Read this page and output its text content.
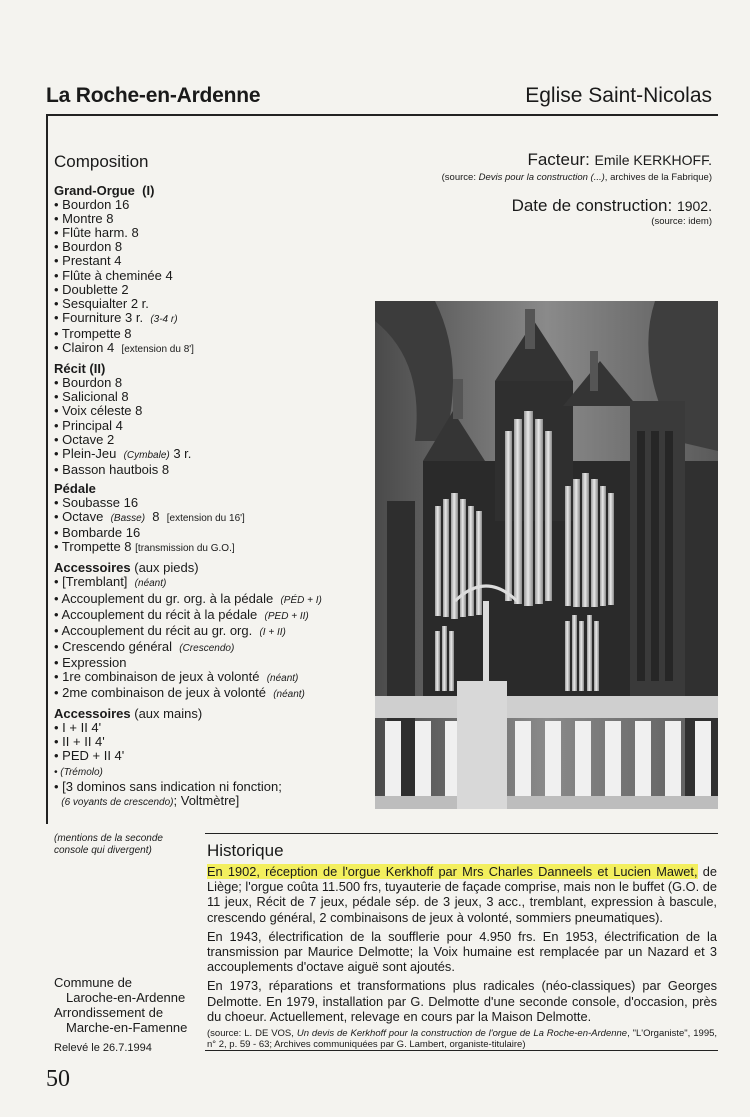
La Roche-en-Ardenne	Eglise Saint-Nicolas
Composition
Grand-Orgue (I)
• Bourdon 16
• Montre 8
• Flûte harm. 8
• Bourdon 8
• Prestant 4
• Flûte à cheminée 4
• Doublette 2
• Sesquialter 2 r.
• Fourniture 3 r. (3-4 r)
• Trompette 8
• Clairon 4 [extension du 8']
Récit (II)
• Bourdon 8
• Salicional 8
• Voix céleste 8
• Principal 4
• Octave 2
• Plein-Jeu (Cymbale) 3 r.
• Basson hautbois 8
Pédale
• Soubasse 16
• Octave (Basse) 8 [extension du 16']
• Bombarde 16
• Trompette 8 [transmission du G.O.]
Accessoires (aux pieds)
• [Tremblant] (néant)
• Accouplement du gr. org. à la pédale (PÉD + I)
• Accouplement du récit à la pédale (PED + II)
• Accouplement du récit au gr. org. (I + II)
• Crescendo général (Crescendo)
• Expression
• 1re combinaison de jeux à volonté (néant)
• 2me combinaison de jeux à volonté (néant)
Accessoires (aux mains)
• I + II 4'
• II + II 4'
• PED + II 4'
• (Trémolo)
• [3 dominos sans indication ni fonction;
(6 voyants de crescendo); Voltmètre]
Facteur: Emile KERKHOFF.
(source: Devis pour la construction (...), archives de la Fabrique)
Date de construction: 1902.
(source: idem)
(mentions de la seconde
console qui divergent)	Historique

En 1902, réception de l'orgue Kerkhoff par Mrs Charles Danneels et Lucien Mawet, de Liège; l'orgue coûta 11.500 frs, tuyauterie de façade comprise, mais non le buffet (G.O. de 11 jeux, Récit de 7 jeux, pédale sép. de 3 jeux, 3 acc., tremblant, expression à bascule, crescendo général, 2 combinaisons de jeux à volonté, sommiers pneumatiques).

En 1943, électrification de la soufflerie pour 4.950 frs. En 1953, électrification de la transmission par Maurice Delmotte; la Voix humaine est remplacée par un Nazard et 3 accouplements d'octave aiguë sont ajoutés.

En 1973, réparations et transformations plus radicales (néo-classiques) par Georges Delmotte. En 1979, installation par G. Delmotte d'une seconde console, d'occasion, près du choeur. Actuellement, relevage en cours par la Maison Delmotte.

(source: L. DE VOS, Un devis de Kerkhoff pour la construction de l'orgue de La Roche-en-Ardenne, "L'Organiste", 1995, n° 2, p. 59 - 63; Archives communiquées par G. Lambert, organiste-titulaire)
Commune de
Laroche-en-Ardenne
Arrondissement de
Marche-en-Famenne
Relevé le 26.7.1994
50
